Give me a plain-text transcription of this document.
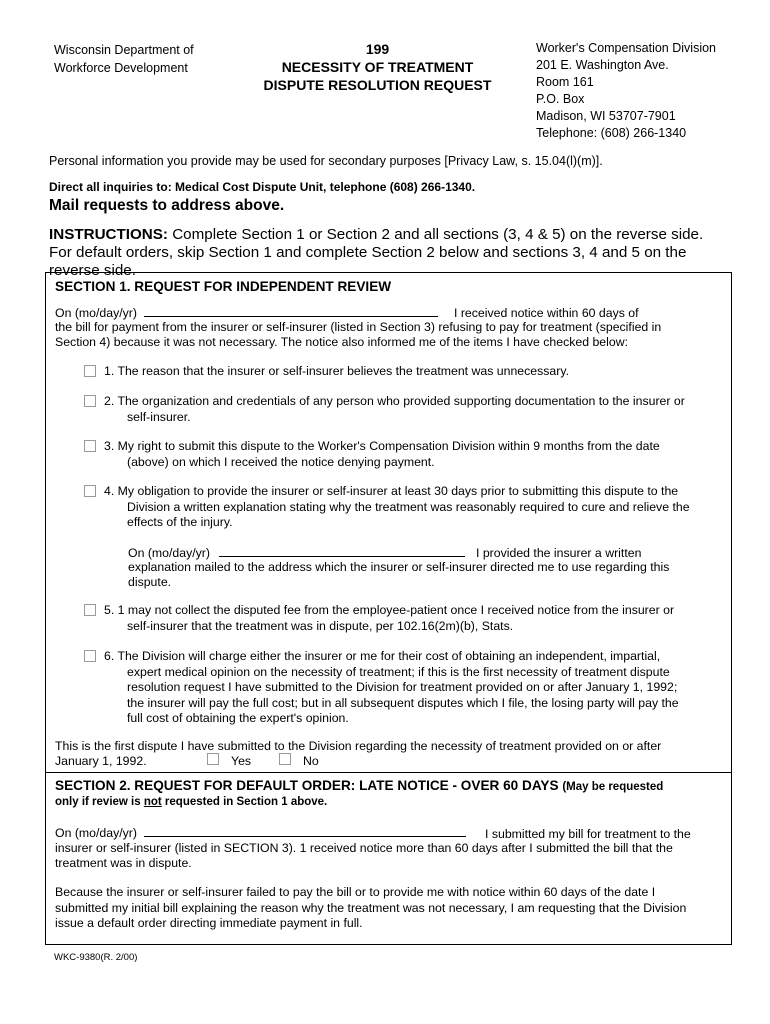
Wisconsin Department of
Workforce Development
199
NECESSITY OF TREATMENT
DISPUTE RESOLUTION REQUEST
Worker's Compensation Division
201 E. Washington Ave.
Room 161
P.O. Box
Madison, WI 53707-7901
Telephone: (608) 266-1340
Personal information you provide may be used for secondary purposes [Privacy Law, s. 15.04(l)(m)].
Direct all inquiries to: Medical Cost Dispute Unit, telephone (608) 266-1340.
Mail requests to address above.
INSTRUCTIONS: Complete Section 1 or Section 2 and all sections (3, 4 & 5) on the reverse side. For default orders, skip Section 1 and complete Section 2 below and sections 3, 4 and 5 on the reverse side.
SECTION 1. REQUEST FOR INDEPENDENT REVIEW
On (mo/day/yr)	I received notice within 60 days of
the bill for payment from the insurer or self-insurer (listed in Section 3) refusing to pay for treatment (specified in
Section 4) because it was not necessary. The notice also informed me of the items I have checked below:
1. The reason that the insurer or self-insurer believes the treatment was unnecessary.
2. The organization and credentials of any person who provided supporting documentation to the insurer or
self-insurer.
3. My right to submit this dispute to the Worker's Compensation Division within 9 months from the date
(above) on which I received the notice denying payment.
4. My obligation to provide the insurer or self-insurer at least 30 days prior to submitting this dispute to the
Division a written explanation stating why the treatment was reasonably required to cure and relieve the
effects of the injury.
On (mo/day/yr)	I provided the insurer a written
explanation mailed to the address which the insurer or self-insurer directed me to use regarding this
dispute.
5. 1 may not collect the disputed fee from the employee-patient once I received notice from the insurer or
self-insurer that the treatment was in dispute, per 102.16(2m)(b), Stats.
6. The Division will charge either the insurer or me for their cost of obtaining an independent, impartial,
expert medical opinion on the necessity of treatment; if this is the first necessity of treatment dispute
resolution request I have submitted to the Division for treatment provided on or after January 1, 1992;
the insurer will pay the full cost; but in all subsequent disputes which I file, the losing party will pay the
full cost of obtaining the expert's opinion.
This is the first dispute I have submitted to the Division regarding the necessity of treatment provided on or after
January 1, 1992.	Yes	No
SECTION 2. REQUEST FOR DEFAULT ORDER: LATE NOTICE - OVER 60 DAYS (May be requested
only if review is not requested in Section 1 above.
On (mo/day/yr)	I submitted my bill for treatment to the
insurer or self-insurer (listed in SECTION 3). 1 received notice more than 60 days after I submitted the bill that the
treatment was in dispute.
Because the insurer or self-insurer failed to pay the bill or to provide me with notice within 60 days of the date I
submitted my initial bill explaining the reason why the treatment was not necessary, I am requesting that the Division
issue a default order directing immediate payment in full.
WKC-9380(R. 2/00)
